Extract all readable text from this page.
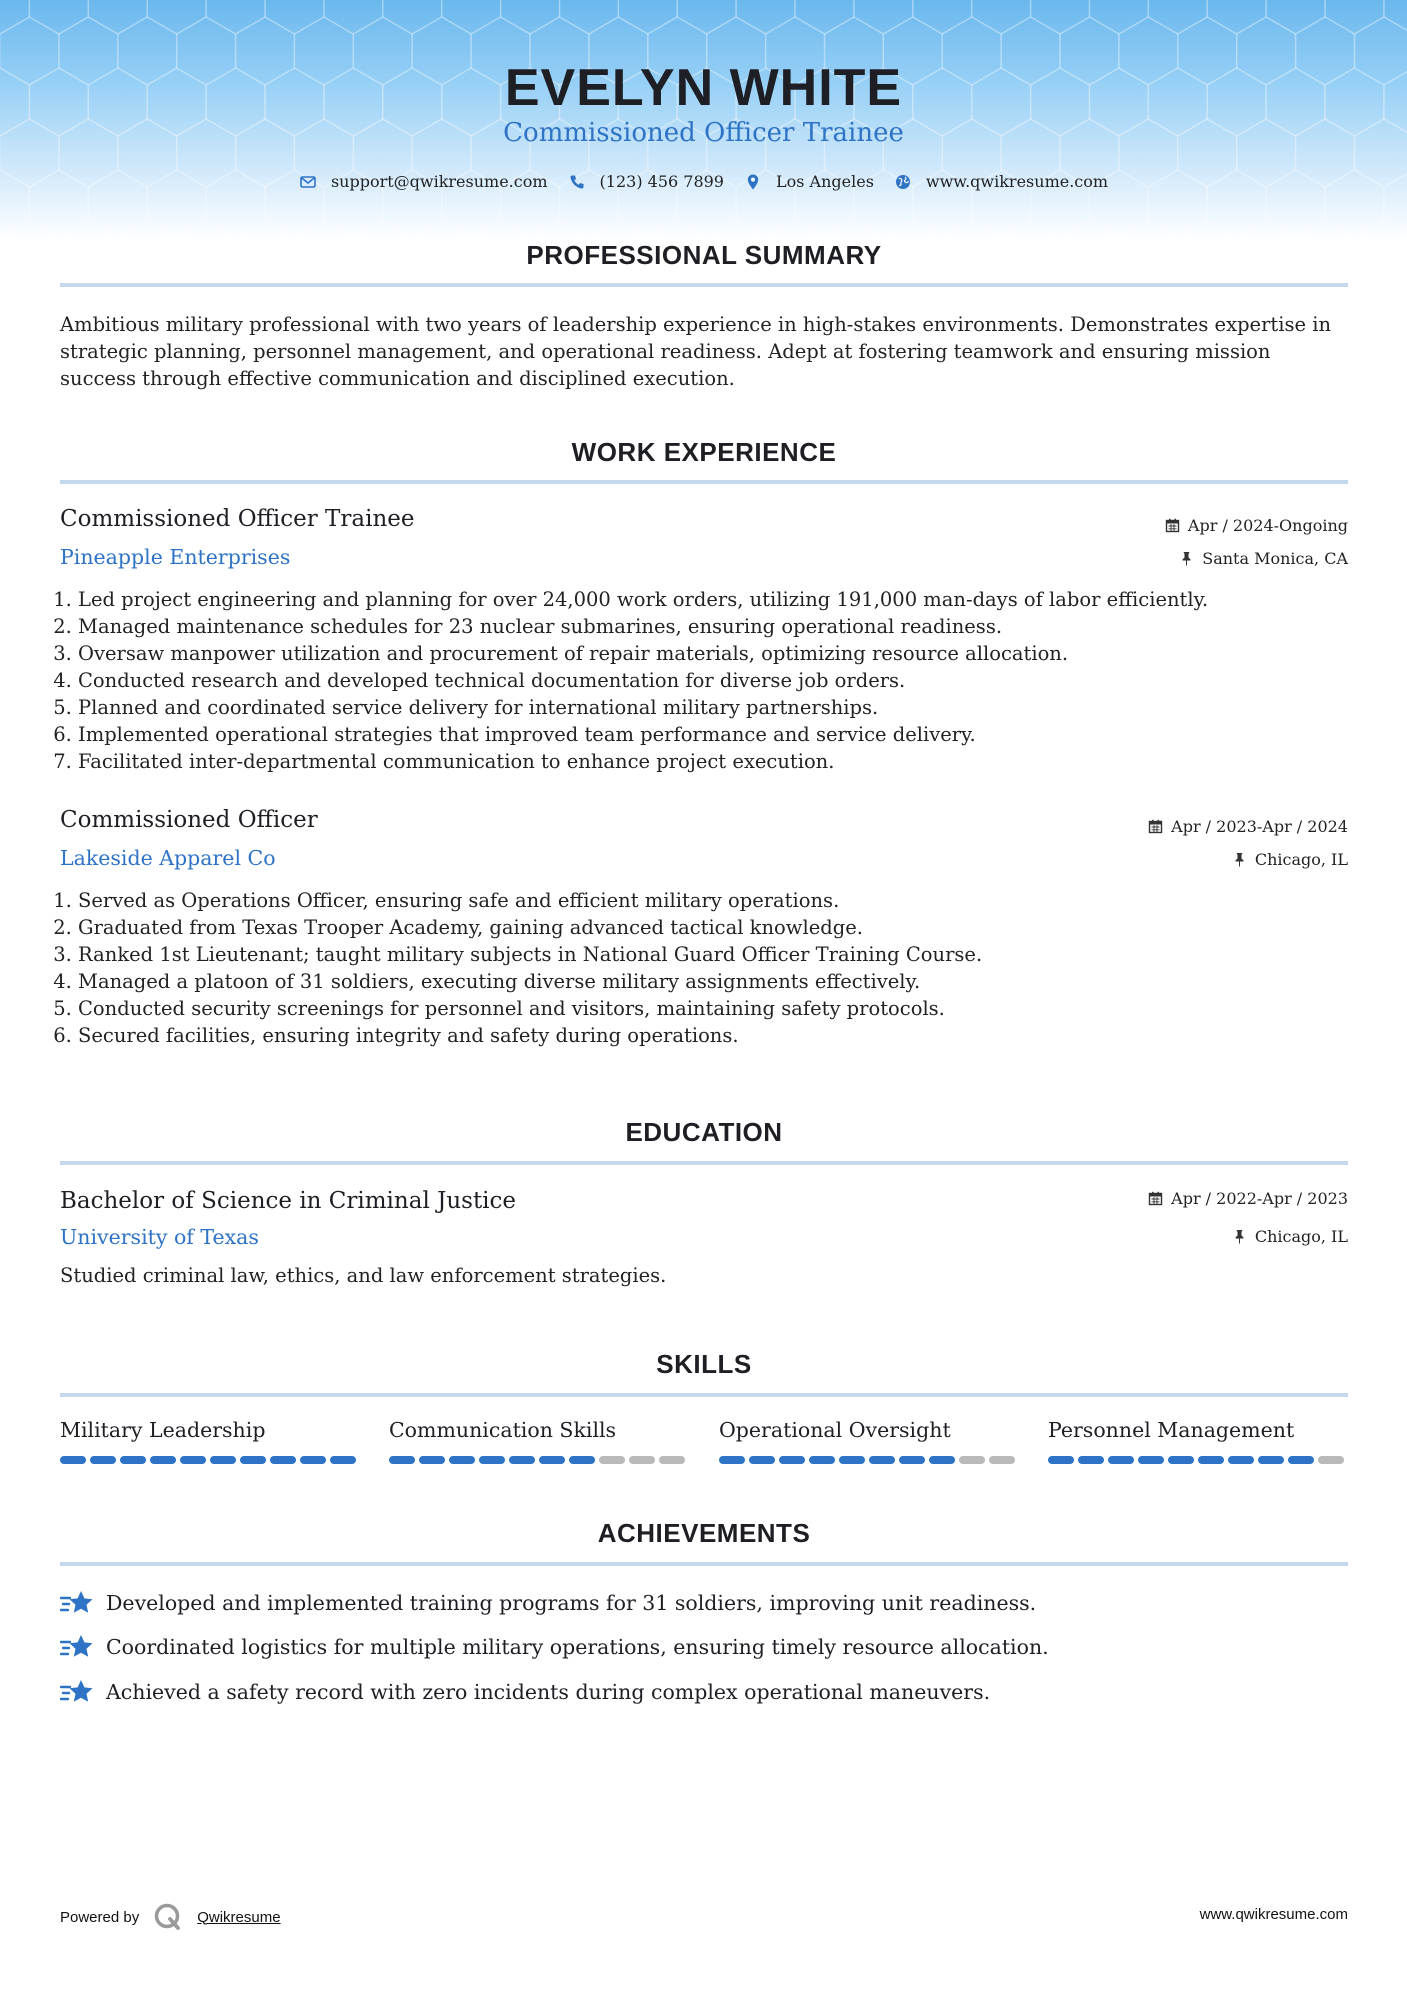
EVELYN WHITE
Commissioned Officer Trainee
support@qwikresume.com	(123) 456 7899	Los Angeles	www.qwikresume.com
PROFESSIONAL SUMMARY
Ambitious military professional with two years of leadership experience in high-stakes environments. Demonstrates expertise in strategic planning, personnel management, and operational readiness. Adept at fostering teamwork and ensuring mission success through effective communication and disciplined execution.
WORK EXPERIENCE
Commissioned Officer Trainee	Apr / 2024-Ongoing
Pineapple Enterprises	Santa Monica, CA
1. Led project engineering and planning for over 24,000 work orders, utilizing 191,000 man-days of labor efficiently.
2. Managed maintenance schedules for 23 nuclear submarines, ensuring operational readiness.
3. Oversaw manpower utilization and procurement of repair materials, optimizing resource allocation.
4. Conducted research and developed technical documentation for diverse job orders.
5. Planned and coordinated service delivery for international military partnerships.
6. Implemented operational strategies that improved team performance and service delivery.
7. Facilitated inter-departmental communication to enhance project execution.
Commissioned Officer	Apr / 2023-Apr / 2024
Lakeside Apparel Co	Chicago, IL
1. Served as Operations Officer, ensuring safe and efficient military operations.
2. Graduated from Texas Trooper Academy, gaining advanced tactical knowledge.
3. Ranked 1st Lieutenant; taught military subjects in National Guard Officer Training Course.
4. Managed a platoon of 31 soldiers, executing diverse military assignments effectively.
5. Conducted security screenings for personnel and visitors, maintaining safety protocols.
6. Secured facilities, ensuring integrity and safety during operations.
EDUCATION
Bachelor of Science in Criminal Justice	Apr / 2022-Apr / 2023
University of Texas	Chicago, IL
Studied criminal law, ethics, and law enforcement strategies.
SKILLS
Military Leadership	Communication Skills	Operational Oversight	Personnel Management
ACHIEVEMENTS
Developed and implemented training programs for 31 soldiers, improving unit readiness.
Coordinated logistics for multiple military operations, ensuring timely resource allocation.
Achieved a safety record with zero incidents during complex operational maneuvers.
Powered by	Qwikresume	www.qwikresume.com
